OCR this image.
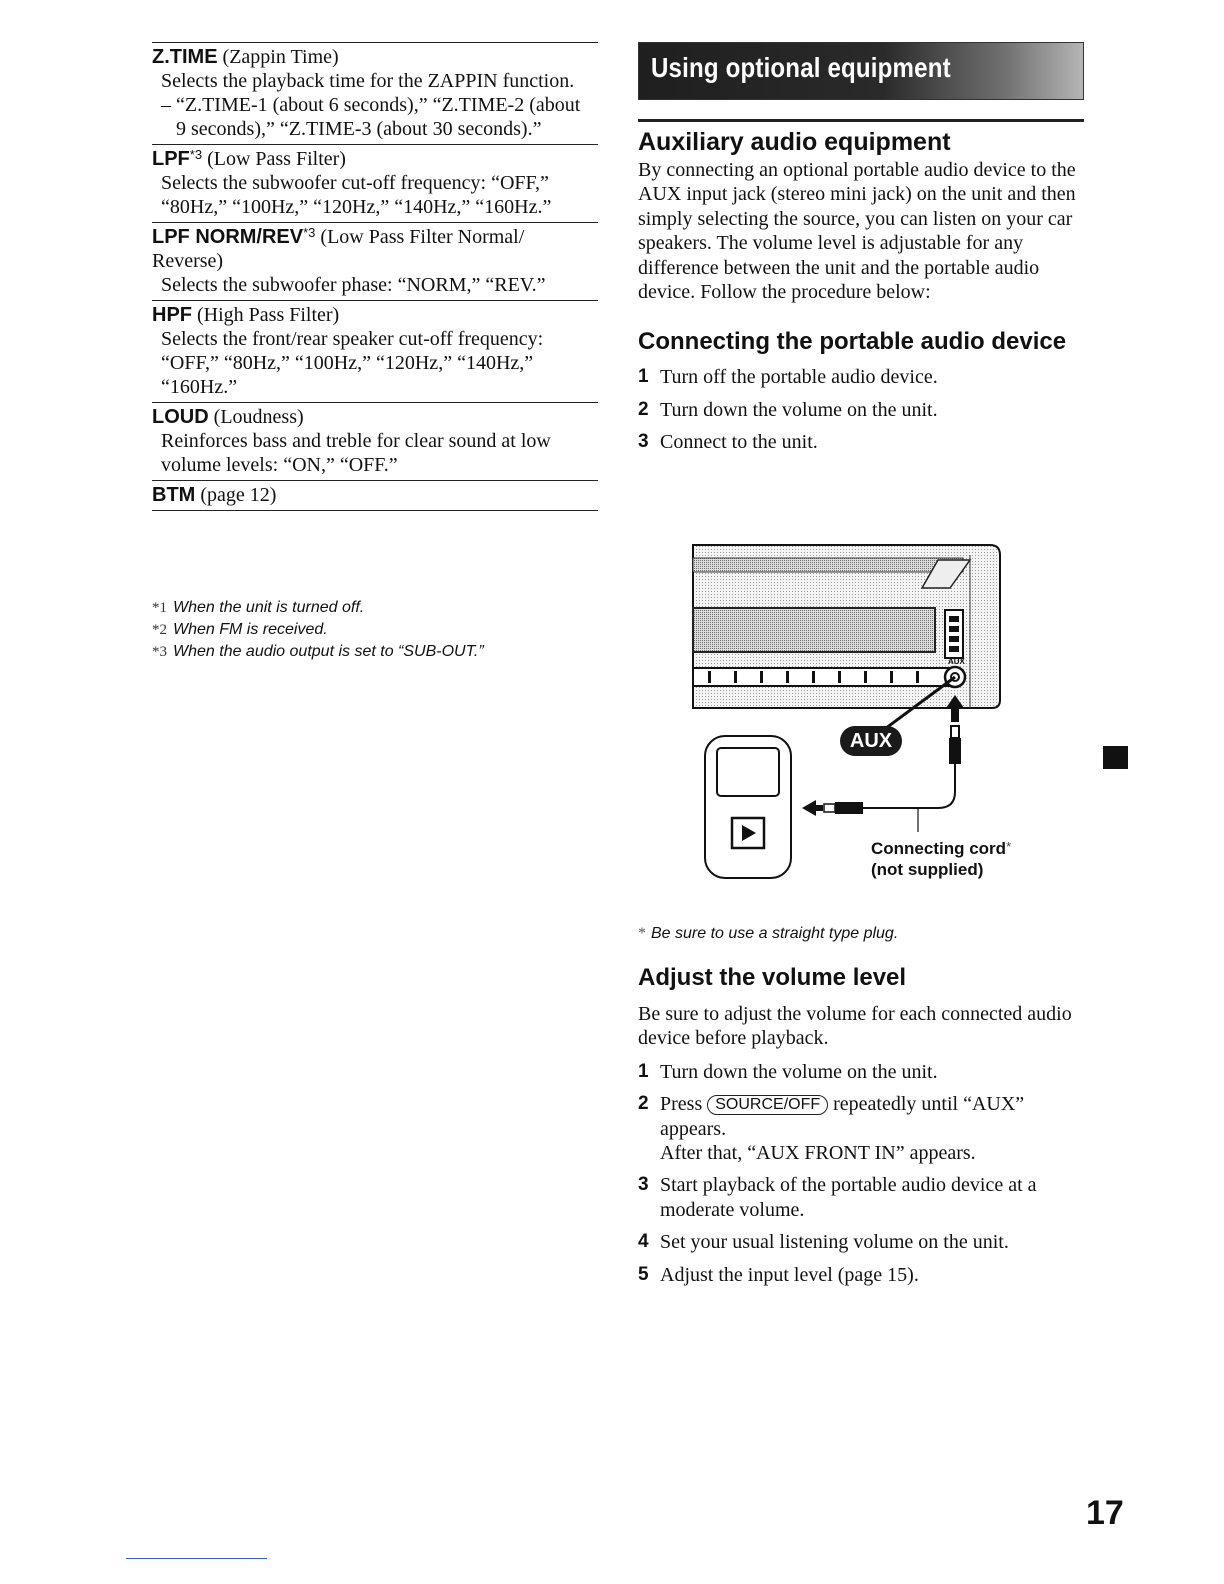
Z.TIME (Zappin Time)
Selects the playback time for the ZAPPIN function.
– “Z.TIME-1 (about 6 seconds),” “Z.TIME-2 (about 9 seconds),” “Z.TIME-3 (about 30 seconds).”
LPF$^{*3}$ (Low Pass Filter)
Selects the subwoofer cut-off frequency: “OFF,” “80Hz,” “100Hz,” “120Hz,” “140Hz,” “160Hz.”
LPF NORM/REV$^{*3}$ (Low Pass Filter Normal/ Reverse)
Selects the subwoofer phase: “NORM,” “REV.”
HPF (High Pass Filter)
Selects the front/rear speaker cut-off frequency: “OFF,” “80Hz,” “100Hz,” “120Hz,” “140Hz,” “160Hz.”
LOUD (Loudness)
Reinforces bass and treble for clear sound at low volume levels: “ON,” “OFF.”
BTM (page 12)
*1 When the unit is turned off.
*2 When FM is received.
*3 When the audio output is set to “SUB-OUT.”
Using optional equipment
Auxiliary audio equipment

By connecting an optional portable audio device to the AUX input jack (stereo mini jack) on the unit and then simply selecting the source, you can listen on your car speakers. The volume level is adjustable for any difference between the unit and the portable audio device. Follow the procedure below:

Connecting the portable audio device
1 Turn off the portable audio device.
2 Turn down the volume on the unit.
3 Connect to the unit.
AUX
AUX
Connecting cord*
(not supplied)
* Be sure to use a straight type plug.
Adjust the volume level

Be sure to adjust the volume for each connected audio device before playback.

1 Turn down the volume on the unit.
2 Press SOURCE/OFF repeatedly until “AUX” appears.
After that, “AUX FRONT IN” appears.
3 Start playback of the portable audio device at a moderate volume.
4 Set your usual listening volume on the unit.
5 Adjust the input level (page 15).
17
